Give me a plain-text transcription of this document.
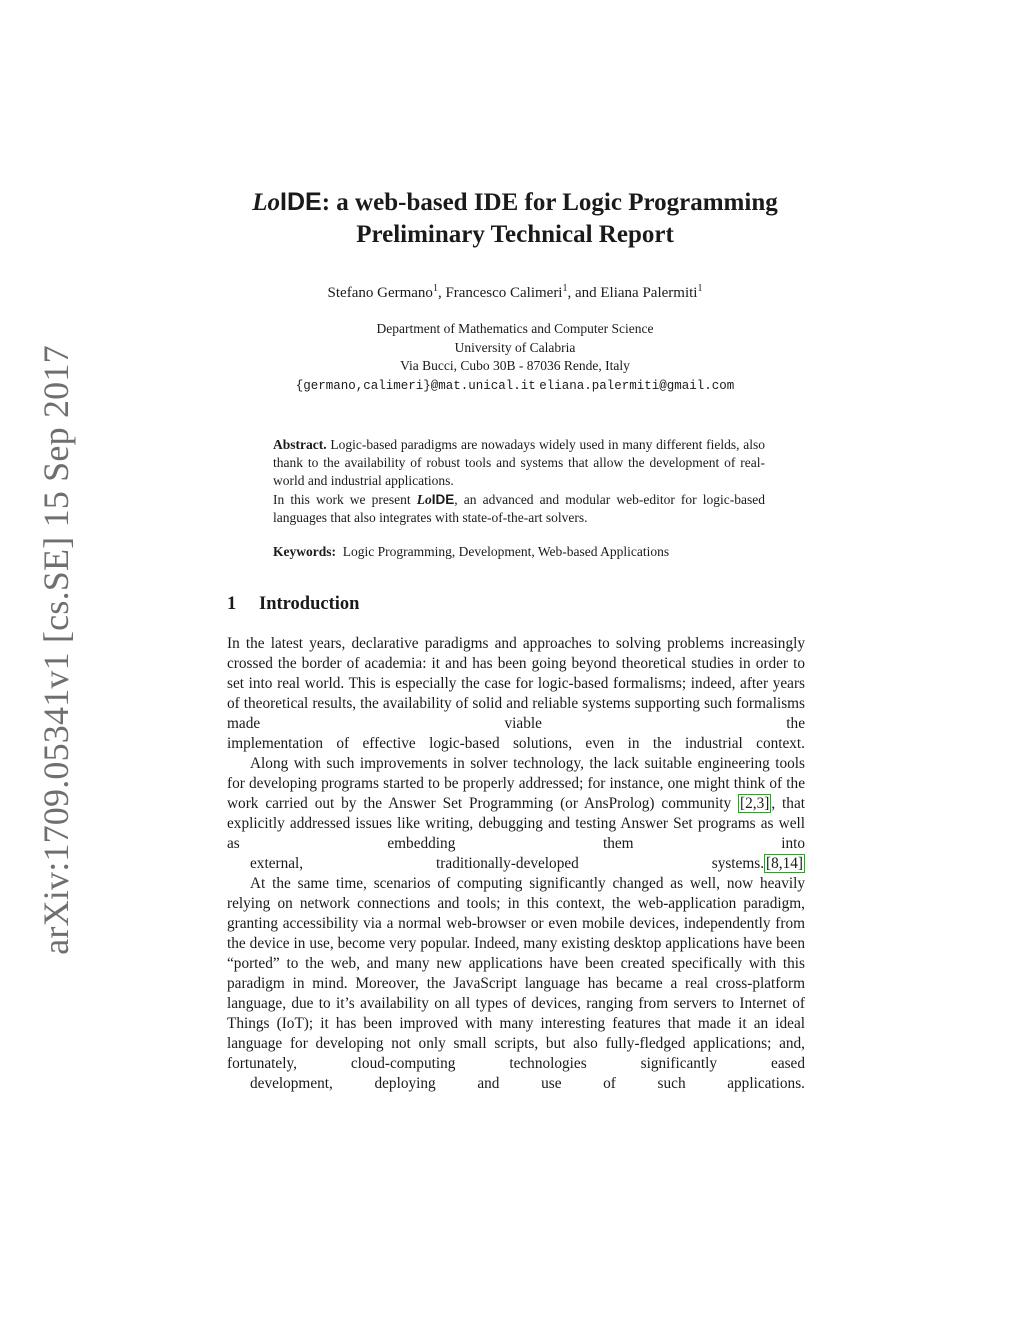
arXiv:1709.05341v1 [cs.SE] 15 Sep 2017
LoIDE: a web-based IDE for Logic Programming
Preliminary Technical Report
Stefano Germano$^1$, Francesco Calimeri$^1$, and Eliana Palermiti$^1$
Department of Mathematics and Computer Science
University of Calabria
Via Bucci, Cubo 30B - 87036 Rende, Italy
{germano,calimeri}@mat.unical.it eliana.palermiti@gmail.com

Abstract. Logic-based paradigms are nowadays widely used in many different fields, also thank to the availability of robust tools and systems that allow the development of real-world and industrial applications.

In this work we present LoIDE, an advanced and modular web-editor for logic-based languages that also integrates with state-of-the-art solvers.

Keywords: Logic Programming, Development, Web-based Applications
1 Introduction

In the latest years, declarative paradigms and approaches to solving problems increasingly crossed the border of academia: it and has been going beyond theoretical studies in order to set into real world. This is especially the case for logic-based formalisms; indeed, after years of theoretical results, the availability of solid and reliable systems supporting such formalisms made viable the
implementation of effective logic-based solutions, even in the industrial context.

Along with such improvements in solver technology, the lack suitable engineering tools for developing programs started to be properly addressed; for instance, one might think of the work carried out by the Answer Set Programming (or AnsProlog) community [2,3] , that explicitly addressed issues like writing, debugging and testing Answer Set programs as well as embedding them into
external, traditionally-developed systems. [8,14]

At the same time, scenarios of computing significantly changed as well, now heavily relying on network connections and tools; in this context, the web-application paradigm, granting accessibility via a normal web-browser or even mobile devices, independently from the device in use, become very popular. Indeed, many existing desktop applications have been “ported” to the web, and many new applications have been created specifically with this paradigm in mind. Moreover, the JavaScript language has became a real cross-platform language, due to it’s availability on all types of devices, ranging from servers to Internet of Things (IoT); it has been improved with many interesting features that made it an ideal language for developing not only small scripts, but also fully-fledged applications; and, fortunately, cloud-computing technologies significantly eased
development, deploying and use of such applications.
